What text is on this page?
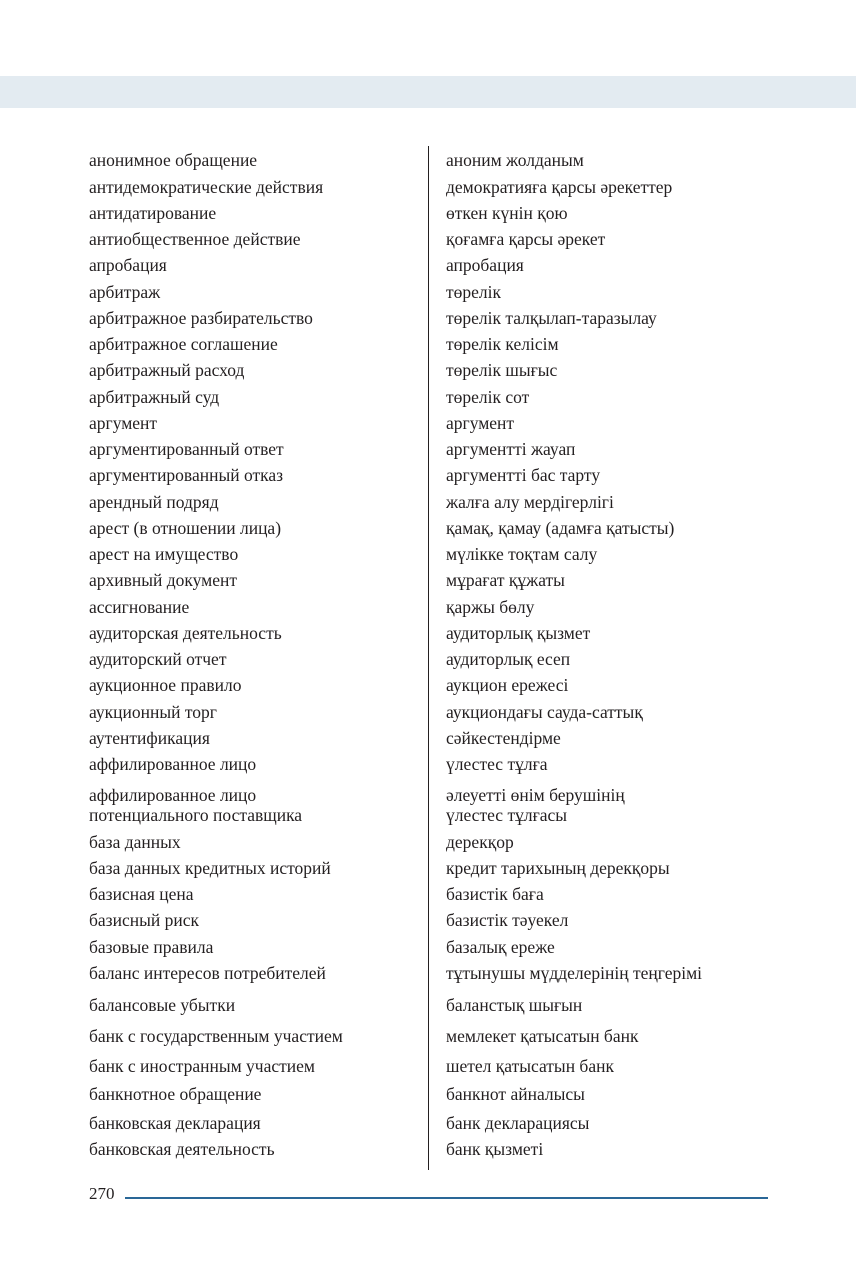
анонимное обращение
антидемократические действия
антидатирование
антиобщественное действие
апробация
арбитраж
арбитражное разбирательство
арбитражное соглашение
арбитражный расход
арбитражный суд
аргумент
аргументированный ответ
аргументированный отказ
арендный подряд
арест (в отношении лица)
арест на имущество
архивный документ
ассигнование
аудиторская деятельность
аудиторский отчет
аукционное правило
аукционный торг
аутентификация
аффилированное лицо
аффилированное лицо
потенциального поставщика
база данных
база данных кредитных историй
базисная цена
базисный риск
базовые правила
баланс интересов потребителей
балансовые убытки
банк с государственным участием
банк с иностранным участием
банкнотное обращение
банковская декларация
банковская деятельность
аноним жолданым
демократияға қарсы әрекеттер
өткен күнін қою
қоғамға қарсы әрекет
апробация
төрелік
төрелік талқылап-таразылау
төрелік келісім
төрелік шығыс
төрелік сот
аргумент
аргументті жауап
аргументті бас тарту
жалға алу мердігерлігі
қамақ, қамау (адамға қатысты)
мүлікке тоқтам салу
мұрағат құжаты
қаржы бөлу
аудиторлық қызмет
аудиторлық есеп
аукцион ережесі
аукциондағы сауда-саттық
сәйкестендірме
үлестес тұлға
әлеуетті өнім берушінің
үлестес тұлғасы
дерекқор
кредит тарихының дерекқоры
базистік баға
базистік тәуекел
базалық ереже
тұтынушы мүдделерінің теңгерімі
баланстық шығын
мемлекет қатысатын банк
шетел қатысатын банк
банкнот айналысы
банк декларациясы
банк қызметі
270
